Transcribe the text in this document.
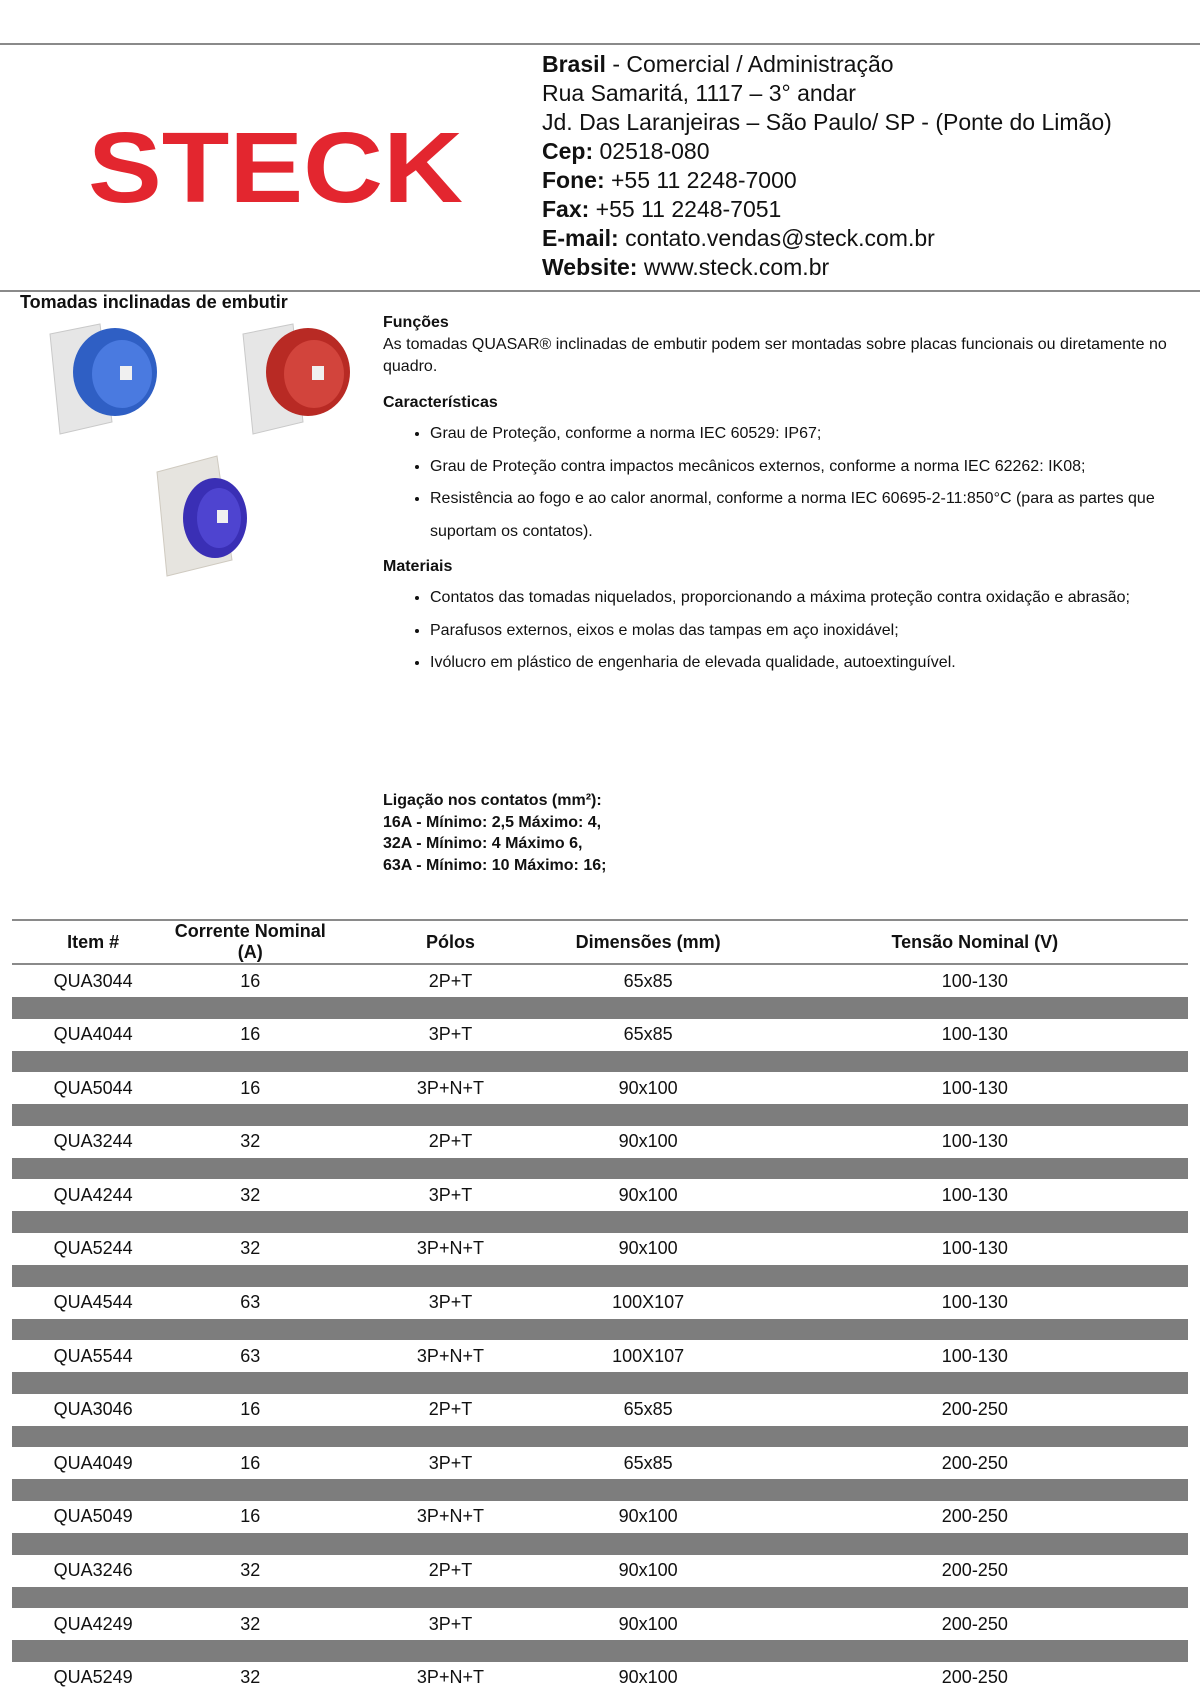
STECK
Brasil - Comercial / Administração
Rua Samaritá, 1117 – 3° andar
Jd. Das Laranjeiras – São Paulo/ SP - (Ponte do Limão)
Cep: 02518-080
Fone: +55 11 2248-7000
Fax: +55 11 2248-7051
E-mail: contato.vendas@steck.com.br
Website: www.steck.com.br
Tomadas inclinadas de embutir
Funções

As tomadas QUASAR® inclinadas de embutir podem ser montadas sobre placas funcionais ou diretamente no quadro.

Características
• Grau de Proteção, conforme a norma IEC 60529: IP67;
• Grau de Proteção contra impactos mecânicos externos, conforme a norma IEC 62262: IK08;
• Resistência ao fogo e ao calor anormal, conforme a norma IEC 60695-2-11:850°C (para as partes que suportam os contatos).
Materiais
• Contatos das tomadas niquelados, proporcionando a máxima proteção contra oxidação e abrasão;
• Parafusos externos, eixos e molas das tampas em aço inoxidável;
• Ivólucro em plástico de engenharia de elevada qualidade, autoextinguível.
Ligação nos contatos (mm²):
16A - Mínimo: 2,5 Máximo: 4,
32A - Mínimo: 4 Máximo 6,
63A - Mínimo: 10 Máximo: 16;
Item #	Corrente Nominal (A)	Pólos	Dimensões (mm)	Tensão Nominal (V)
QUA3044	16	2P+T	65x85	100-130

QUA4044	16	3P+T	65x85	100-130

QUA5044	16	3P+N+T	90x100	100-130

QUA3244	32	2P+T	90x100	100-130

QUA4244	32	3P+T	90x100	100-130

QUA5244	32	3P+N+T	90x100	100-130

QUA4544	63	3P+T	100X107	100-130

QUA5544	63	3P+N+T	100X107	100-130

QUA3046	16	2P+T	65x85	200-250

QUA4049	16	3P+T	65x85	200-250

QUA5049	16	3P+N+T	90x100	200-250

QUA3246	32	2P+T	90x100	200-250

QUA4249	32	3P+T	90x100	200-250

QUA5249	32	3P+N+T	90x100	200-250
